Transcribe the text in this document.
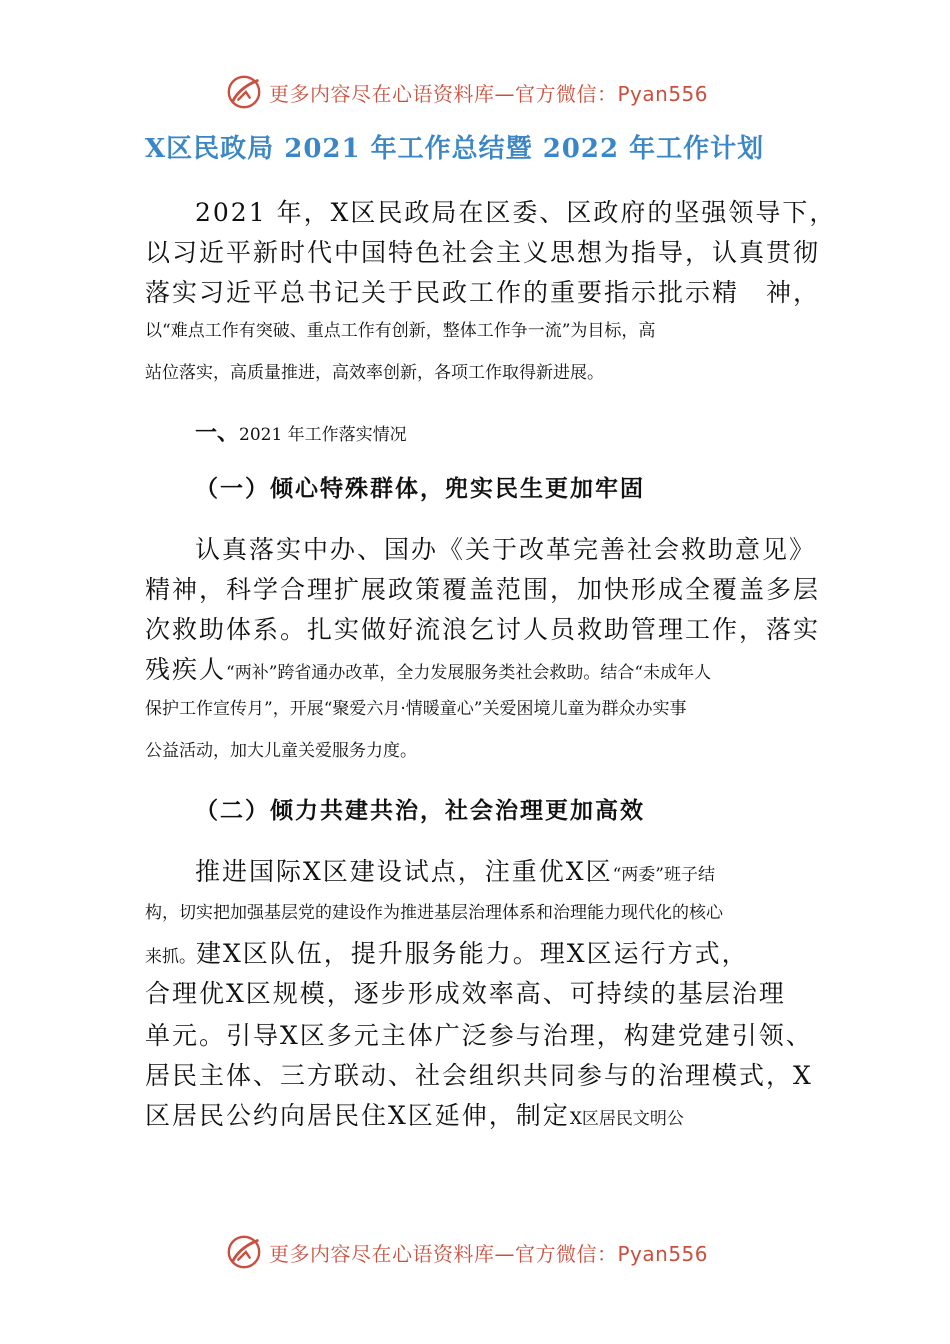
更多内容尽在心语资料库—官方微信：Pyan556
X区民政局 2021 年工作总结暨 2022 年工作计划
2021 年，X区民政局在区委、区政府的坚强领导下，
以习近平新时代中国特色社会主义思想为指导，认真贯彻
落实习近平总书记关于民政工作的重要指示批示精　神，
以“难点工作有突破、重点工作有创新，整体工作争一流”为目标，高
站位落实，高质量推进，高效率创新，各项工作取得新进展。
一、2021 年工作落实情况
（一）倾心特殊群体，兜实民生更加牢固
认真落实中办、国办《关于改革完善社会救助意见》
精神，科学合理扩展政策覆盖范围，加快形成全覆盖多层
次救助体系。扎实做好流浪乞讨人员救助管理工作，落实
残疾人“两补”跨省通办改革，全力发展服务类社会救助。结合“未成年人
保护工作宣传月”，开展“聚爱六月·情暖童心”关爱困境儿童为群众办实事
公益活动，加大儿童关爱服务力度。
（二）倾力共建共治，社会治理更加高效
推进国际X区建设试点，注重优X区“两委”班子结
构，切实把加强基层党的建设作为推进基层治理体系和治理能力现代化的核心
来抓。建X区队伍，提升服务能力。理X区运行方式，
合理优X区规模，逐步形成效率高、可持续的基层治理
单元。引导X区多元主体广泛参与治理，构建党建引领、
居民主体、三方联动、社会组织共同参与的治理模式，X
区居民公约向居民住X区延伸，制定X区居民文明公
更多内容尽在心语资料库—官方微信：Pyan556
